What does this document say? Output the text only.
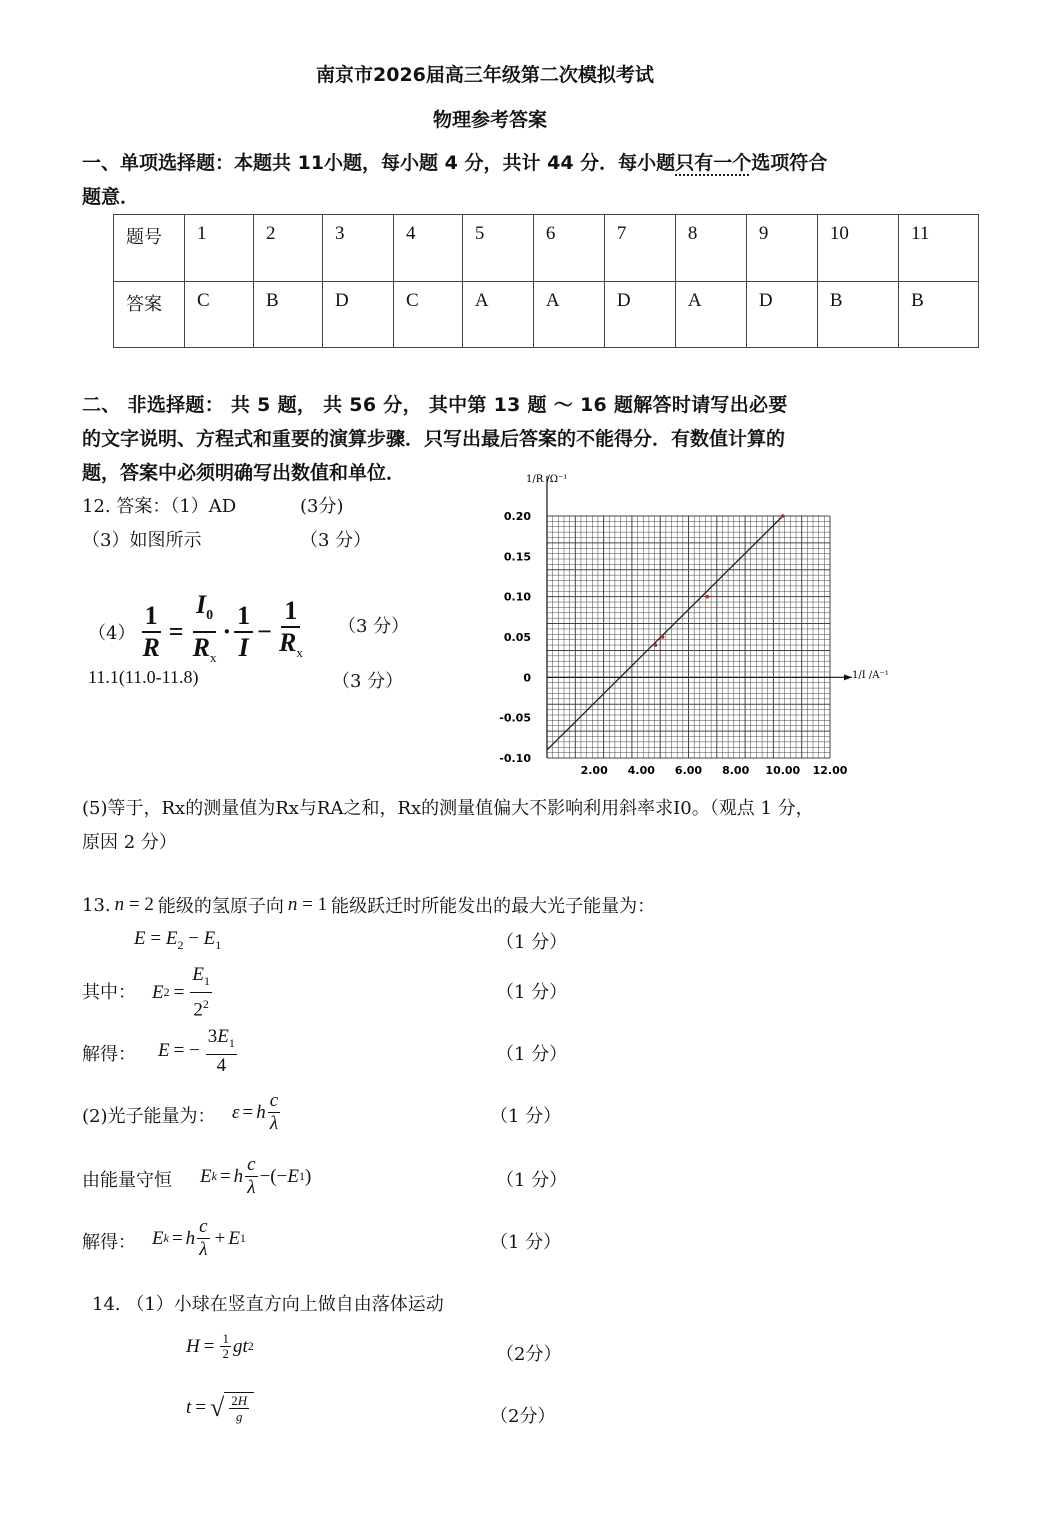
南京市2026届高三年级第二次模拟考试
物理参考答案
一、单项选择题：本题共 11小题，每小题 4 分，共计 44 分．每小题只有一个选项符合
题意．
题号	1	2	3	4	5	6	7	8	9	10	11
答案	C	B	D	C	A	A	D	A	D	B	B
二、 非选择题： 共 5 题， 共 56 分， 其中第 13 题 ～ 16 题解答时请写出必要
的文字说明、方程式和重要的演算步骤．只写出最后答案的不能得分．有数值计算的
题，答案中必须明确写出数值和单位．
12. 答案：（1）AD	(3分)
（3）如图所示	（3 分）
$(4) \frac{1}{R} = \frac{I_0}{R_x} \cdot \frac{1}{I} - \frac{1}{R_x} (3$ 分）
11.1(11.0-11.8)	（3 分）
0.20
0.15
0.10
0.05
0
-0.05
-0.10
2.00 4.00 6.00 8.00 10.00 12.00
1/R /Ω⁻¹
1/I /A⁻¹
(5)等于，Rx的测量值为Rx与RA之和，Rx的测量值偏大不影响利用斜率求I0。（观点 1 分，
原因 2 分）
13. n = 2 能级的氢原子向 n = 1 能级跃迁时所能发出的最大光子能量为：
$E = E_2 - E_1$	（1 分）
其中： E $2 = \frac{E_1}{2^2}$	（1 分）
解得： E = − $\frac{3E_1}{4}$	（1 分）
(2)光子能量为： ε = h $\frac{c}{\lambda}$	（1 分）
由能量守恒 E k = h $\frac{c}{\lambda}$ −(− E 1 )	（1 分）
解得： E k = h $\frac{c}{\lambda} + E$ 1	（1 分）
14. （1）小球在竖直方向上做自由落体运动
$H = \frac{1}{2}$ gt 2	（2分）
t = √ $\frac{2H}{g}$	（2分）
